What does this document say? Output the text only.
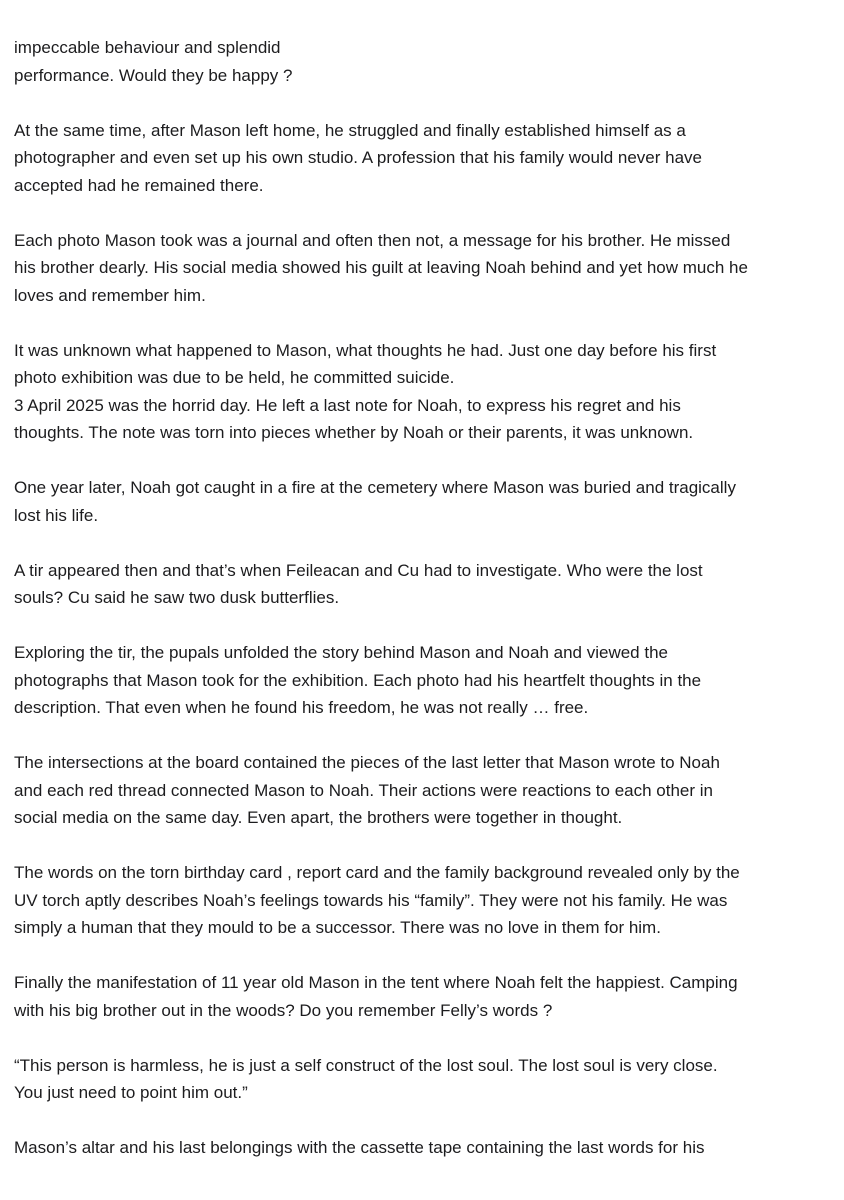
impeccable behaviour and splendid
performance. Would they be happy ?
At the same time, after Mason left home, he struggled and finally established himself as a
photographer and even set up his own studio. A profession that his family would never have
accepted had he remained there.
Each photo Mason took was a journal and often then not, a message for his brother. He missed
his brother dearly. His social media showed his guilt at leaving Noah behind and yet how much he
loves and remember him.
It was unknown what happened to Mason, what thoughts he had. Just one day before his first
photo exhibition was due to be held, he committed suicide.
3 April 2025 was the horrid day. He left a last note for Noah, to express his regret and his
thoughts. The note was torn into pieces whether by Noah or their parents, it was unknown.
One year later, Noah got caught in a fire at the cemetery where Mason was buried and tragically
lost his life.
A tir appeared then and that’s when Feileacan and Cu had to investigate. Who were the lost
souls? Cu said he saw two dusk butterflies.
Exploring the tir, the pupals unfolded the story behind Mason and Noah and viewed the
photographs that Mason took for the exhibition. Each photo had his heartfelt thoughts in the
description. That even when he found his freedom, he was not really … free.
The intersections at the board contained the pieces of the last letter that Mason wrote to Noah
and each red thread connected Mason to Noah. Their actions were reactions to each other in
social media on the same day. Even apart, the brothers were together in thought.
The words on the torn birthday card , report card and the family background revealed only by the
UV torch aptly describes Noah’s feelings towards his “family”. They were not his family. He was
simply a human that they mould to be a successor. There was no love in them for him.
Finally the manifestation of 11 year old Mason in the tent where Noah felt the happiest. Camping
with his big brother out in the woods? Do you remember Felly’s words ?
“This person is harmless, he is just a self construct of the lost soul. The lost soul is very close.
You just need to point him out.”
Mason’s altar and his last belongings with the cassette tape containing the last words for his
